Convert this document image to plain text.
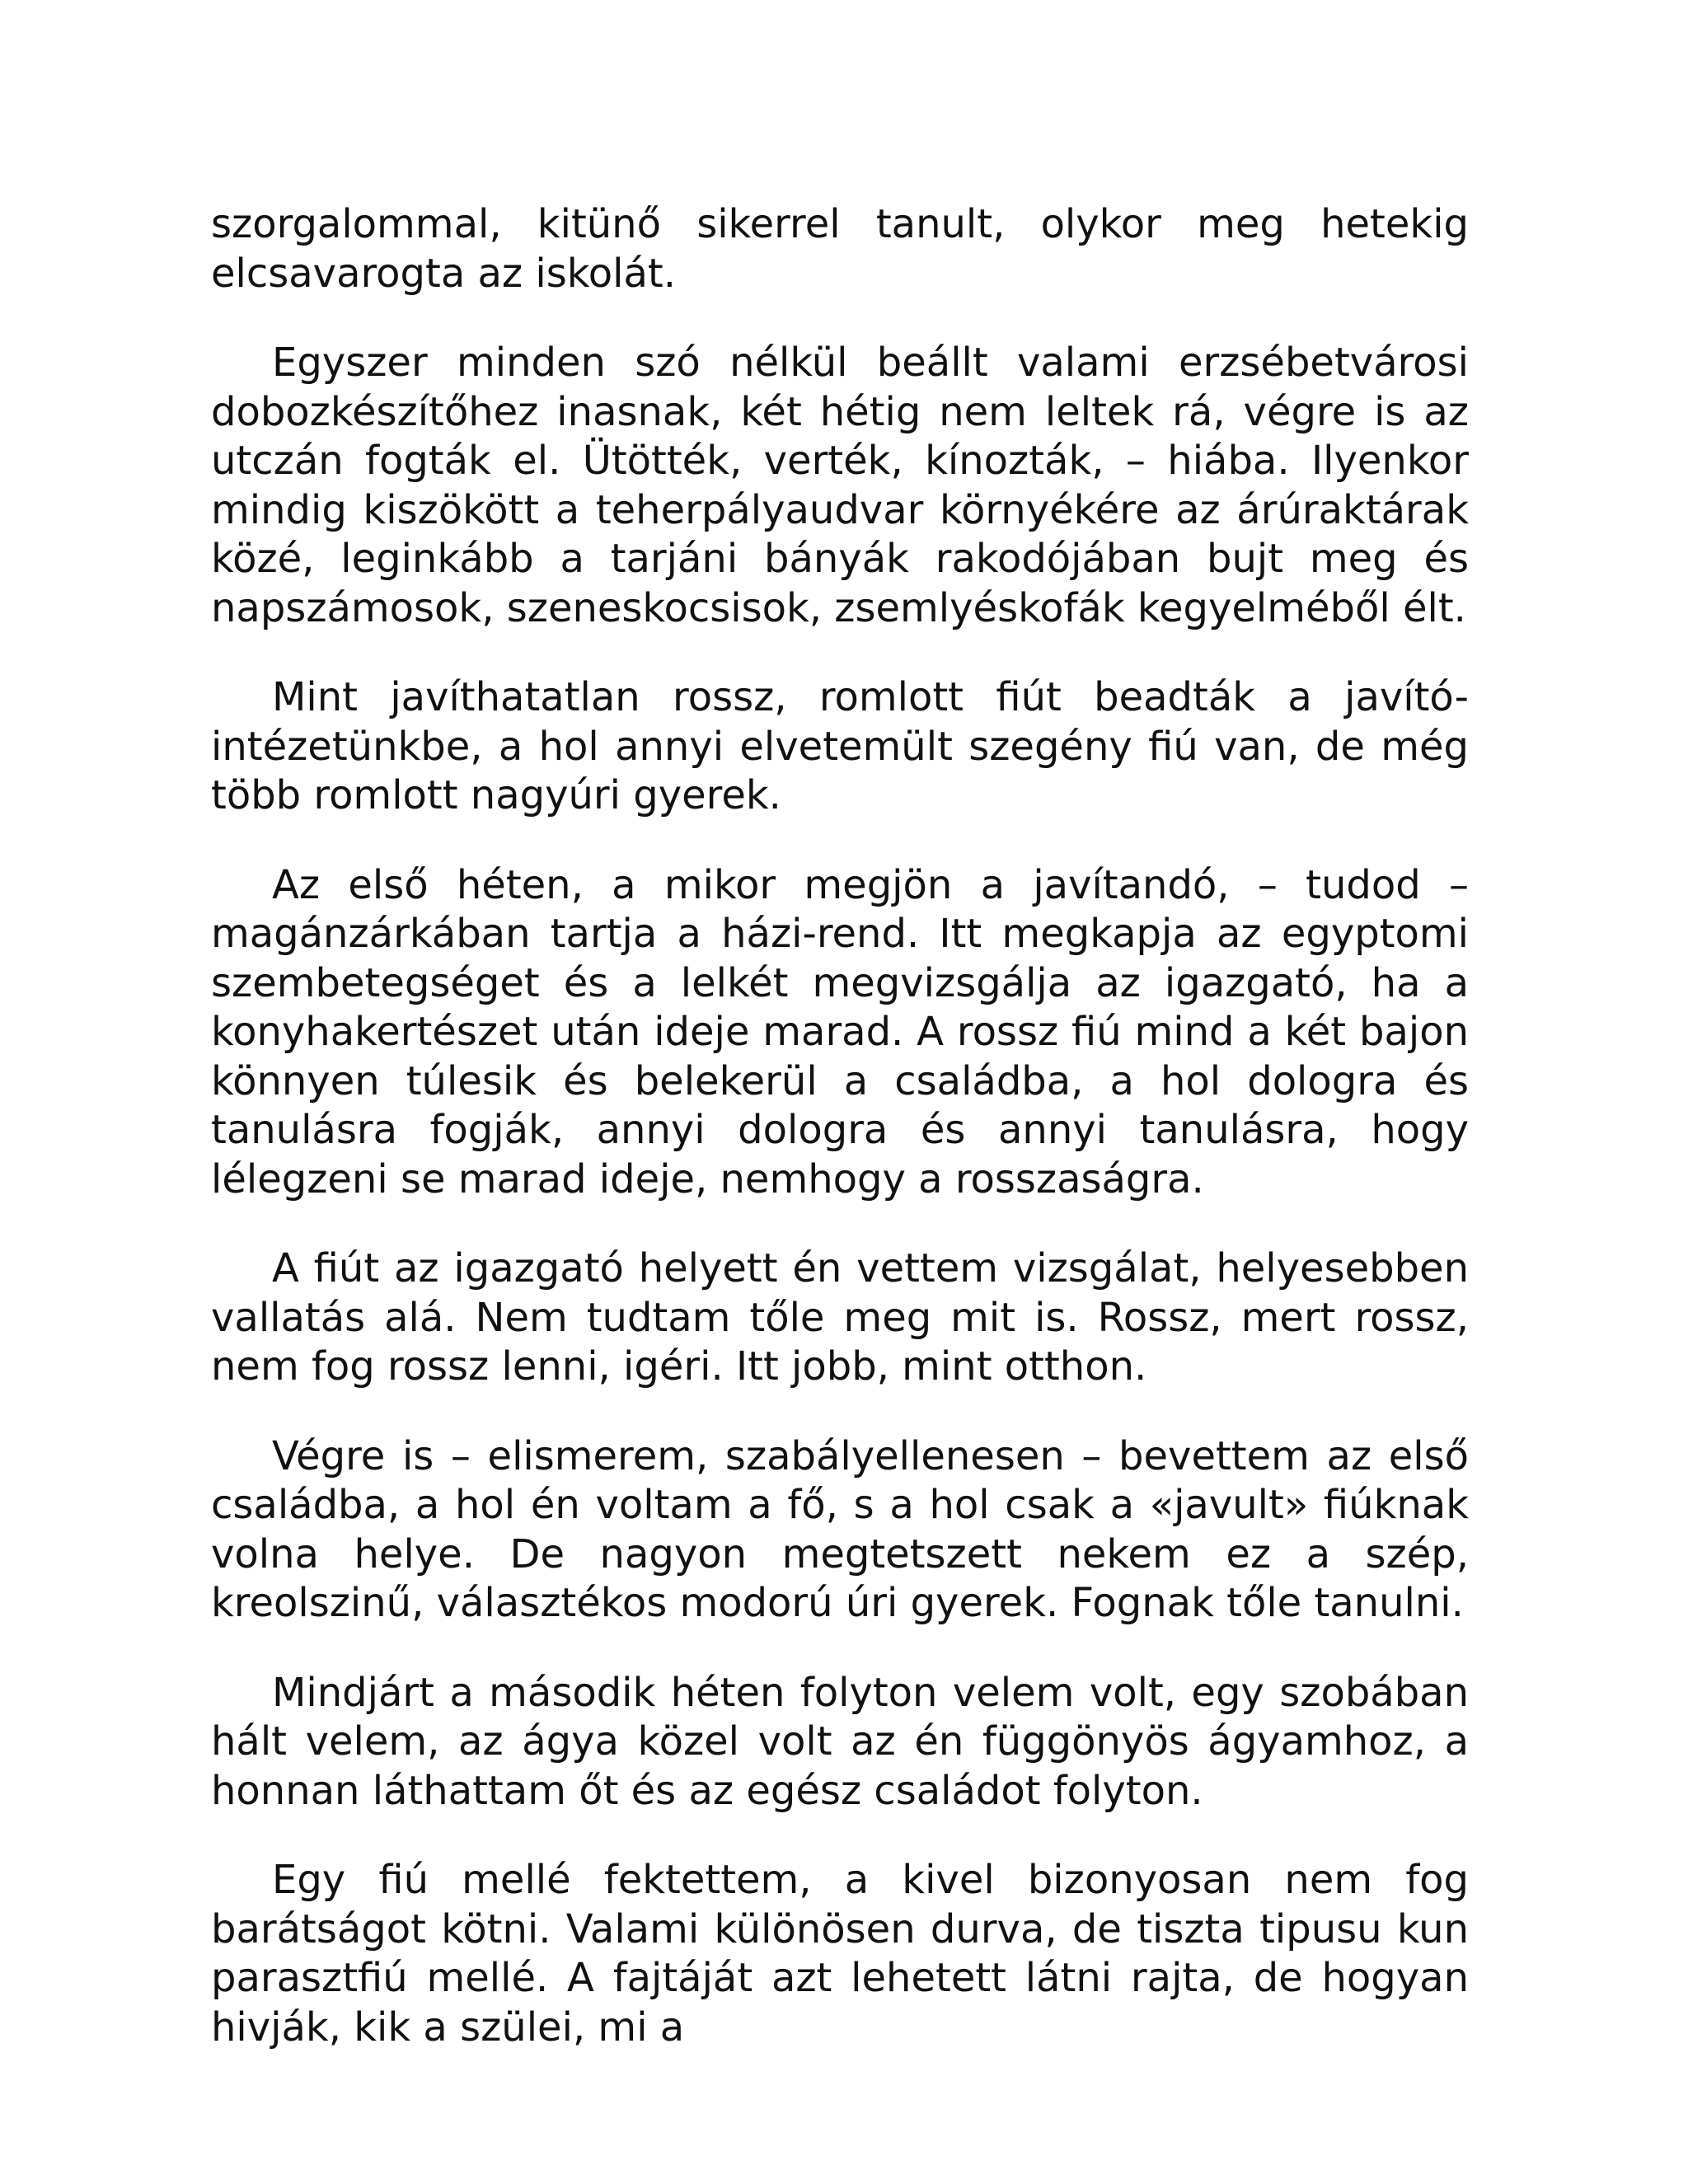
szorgalommal, kitünő sikerrel tanult, olykor meg hetekig elcsavarogta az iskolát.

Egyszer minden szó nélkül beállt valami erzsébetvárosi dobozkészítőhez inasnak, két hétig nem leltek rá, végre is az utczán fogták el. Ütötték, verték, kínozták, – hiába. Ilyenkor mindig kiszökött a teherpályaudvar környékére az árúraktárak közé, leginkább a tarjáni bányák rakodójában bujt meg és napszámosok, szeneskocsisok, zsemlyéskofák kegyelméből élt.

Mint javíthatatlan rossz, romlott fiút beadták a javító-intézetünkbe, a hol annyi elvetemült szegény fiú van, de még több romlott nagyúri gyerek.

Az első héten, a mikor megjön a javítandó, – tudod – magánzárkában tartja a házi-rend. Itt megkapja az egyptomi szembetegséget és a lelkét megvizsgálja az igazgató, ha a konyhakertészet után ideje marad. A rossz fiú mind a két bajon könnyen túlesik és belekerül a családba, a hol dologra és tanulásra fogják, annyi dologra és annyi tanulásra, hogy lélegzeni se marad ideje, nemhogy a rosszaságra.

A fiút az igazgató helyett én vettem vizsgálat, helyesebben vallatás alá. Nem tudtam tőle meg mit is. Rossz, mert rossz, nem fog rossz lenni, igéri. Itt jobb, mint otthon.

Végre is – elismerem, szabályellenesen – bevettem az első családba, a hol én voltam a fő, s a hol csak a «javult» fiúknak volna helye. De nagyon megtetszett nekem ez a szép, kreolszinű, választékos modorú úri gyerek. Fognak tőle tanulni.

Mindjárt a második héten folyton velem volt, egy szobában hált velem, az ágya közel volt az én függönyös ágyamhoz, a honnan láthattam őt és az egész családot folyton.

Egy fiú mellé fektettem, a kivel bizonyosan nem fog barátságot kötni. Valami különösen durva, de tiszta tipusu kun parasztfiú mellé. A fajtáját azt lehetett látni rajta, de hogyan hivják, kik a szülei, mi a
